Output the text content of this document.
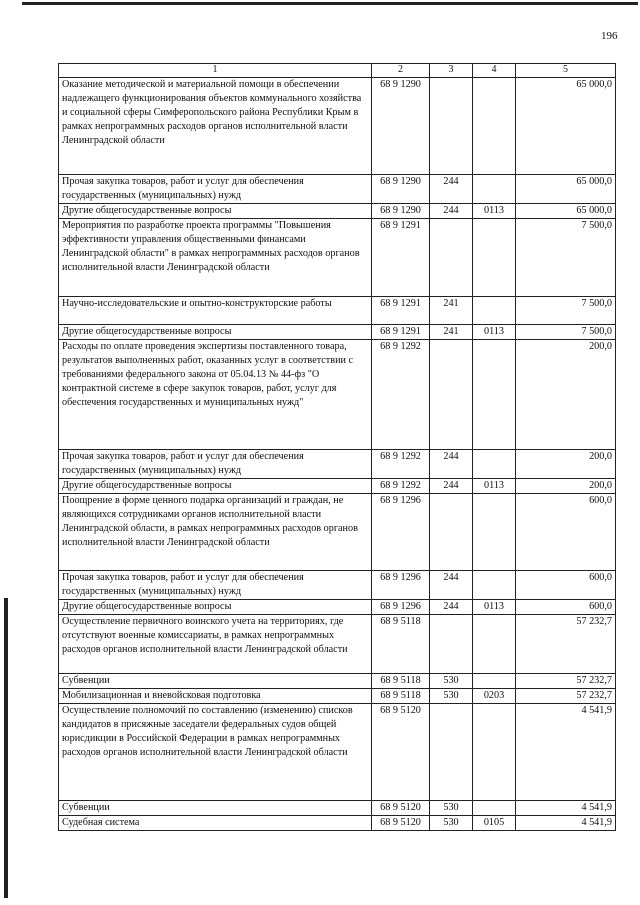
196
1	2	3	4	5
Оказание методической и материальной помощи в обеспечении надлежащего функционирования объектов коммунального хозяйства и социальной сферы Симферопольского района Республики Крым в рамках непрограммных расходов органов исполнительной власти Ленинградской области	68 9 1290			65 000,0
Прочая закупка товаров, работ и услуг для обеспечения государственных (муниципальных) нужд	68 9 1290	244		65 000,0
Другие общегосударственные вопросы	68 9 1290	244	0113	65 000,0
Мероприятия по разработке проекта программы "Повышения эффективности управления общественными финансами Ленинградской области" в рамках непрограммных расходов органов исполнительной власти Ленинградской области	68 9 1291			7 500,0
Научно-исследовательские и опытно-конструкторские работы	68 9 1291	241		7 500,0
Другие общегосударственные вопросы	68 9 1291	241	0113	7 500,0
Расходы по оплате проведения экспертизы поставленного товара, результатов выполненных работ, оказанных услуг в соответствии с требованиями федерального закона от 05.04.13 № 44-фз "О контрактной системе в сфере закупок товаров, работ, услуг для обеспечения государственных и муниципальных нужд"	68 9 1292			200,0
Прочая закупка товаров, работ и услуг для обеспечения государственных (муниципальных) нужд	68 9 1292	244		200,0
Другие общегосударственные вопросы	68 9 1292	244	0113	200,0
Поощрение в форме ценного подарка организаций и граждан, не являющихся сотрудниками органов исполнительной власти Ленинградской области, в рамках непрограммных расходов органов исполнительной власти Ленинградской области	68 9 1296			600,0
Прочая закупка товаров, работ и услуг для обеспечения государственных (муниципальных) нужд	68 9 1296	244		600,0
Другие общегосударственные вопросы	68 9 1296	244	0113	600,0
Осуществление первичного воинского учета на территориях, где отсутствуют военные комиссариаты, в рамках непрограммных расходов органов исполнительной власти Ленинградской области	68 9 5118			57 232,7
Субвенции	68 9 5118	530		57 232,7
Мобилизационная и вневойсковая подготовка	68 9 5118	530	0203	57 232,7
Осуществление полномочий по составлению (изменению) списков кандидатов в присяжные заседатели федеральных судов общей юрисдикции в Российской Федерации в рамках непрограммных расходов органов исполнительной власти Ленинградской области	68 9 5120			4 541,9
Субвенции	68 9 5120	530		4 541,9
Судебная система	68 9 5120	530	0105	4 541,9
